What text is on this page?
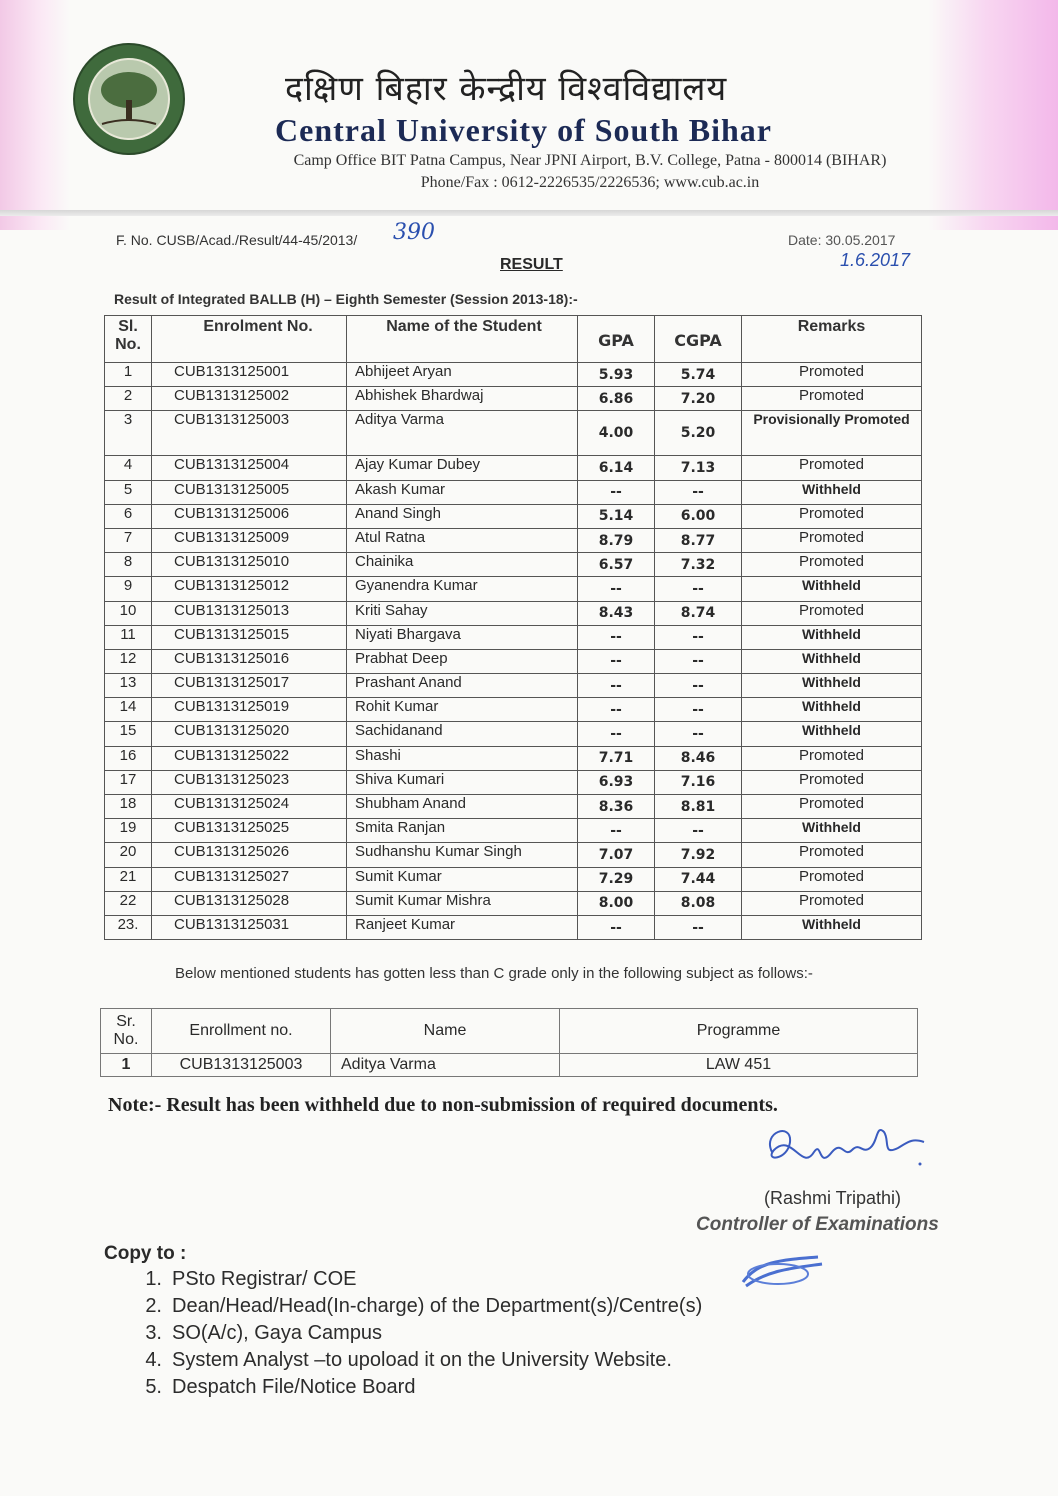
दक्षिण बिहार केन्द्रीय विश्वविद्यालय
Central University of South Bihar
Camp Office BIT Patna Campus, Near JPNI Airport, B.V. College, Patna - 800014 (BIHAR)
Phone/Fax : 0612-2226535/2226536; www.cub.ac.in
F. No. CUSB/Acad./Result/44-45/2013/ 390
RESULT
Date: 30.05.2017
1.6.2017
Result of Integrated BALLB (H) – Eighth Semester (Session 2013-18):-
Sl. No.	Enrolment No.	Name of the Student	GPA	CGPA	Remarks
1	CUB1313125001	Abhijeet Aryan	5.93	5.74	Promoted
2	CUB1313125002	Abhishek Bhardwaj	6.86	7.20	Promoted
3	CUB1313125003	Aditya Varma	4.00	5.20	Provisionally Promoted
4	CUB1313125004	Ajay Kumar Dubey	6.14	7.13	Promoted
5	CUB1313125005	Akash Kumar	--	--	Withheld
6	CUB1313125006	Anand Singh	5.14	6.00	Promoted
7	CUB1313125009	Atul Ratna	8.79	8.77	Promoted
8	CUB1313125010	Chainika	6.57	7.32	Promoted
9	CUB1313125012	Gyanendra Kumar	--	--	Withheld
10	CUB1313125013	Kriti Sahay	8.43	8.74	Promoted
11	CUB1313125015	Niyati Bhargava	--	--	Withheld
12	CUB1313125016	Prabhat Deep	--	--	Withheld
13	CUB1313125017	Prashant Anand	--	--	Withheld
14	CUB1313125019	Rohit Kumar	--	--	Withheld
15	CUB1313125020	Sachidanand	--	--	Withheld
16	CUB1313125022	Shashi	7.71	8.46	Promoted
17	CUB1313125023	Shiva Kumari	6.93	7.16	Promoted
18	CUB1313125024	Shubham Anand	8.36	8.81	Promoted
19	CUB1313125025	Smita Ranjan	--	--	Withheld
20	CUB1313125026	Sudhanshu Kumar Singh	7.07	7.92	Promoted
21	CUB1313125027	Sumit Kumar	7.29	7.44	Promoted
22	CUB1313125028	Sumit Kumar Mishra	8.00	8.08	Promoted
23.	CUB1313125031	Ranjeet Kumar	--	--	Withheld
Below mentioned students has gotten less than C grade only in the following subject as follows:-
Sr. No.	Enrollment no.	Name	Programme
1	CUB1313125003	Aditya Varma	LAW 451
Note:- Result has been withheld due to non-submission of required documents.
(Rashmi Tripathi)
Controller of Examinations
Copy to :
1. PSto Registrar/ COE
2. Dean/Head/Head(In-charge) of the Department(s)/Centre(s)
3. SO(A/c), Gaya Campus
4. System Analyst –to upoload it on the University Website.
5. Despatch File/Notice Board
